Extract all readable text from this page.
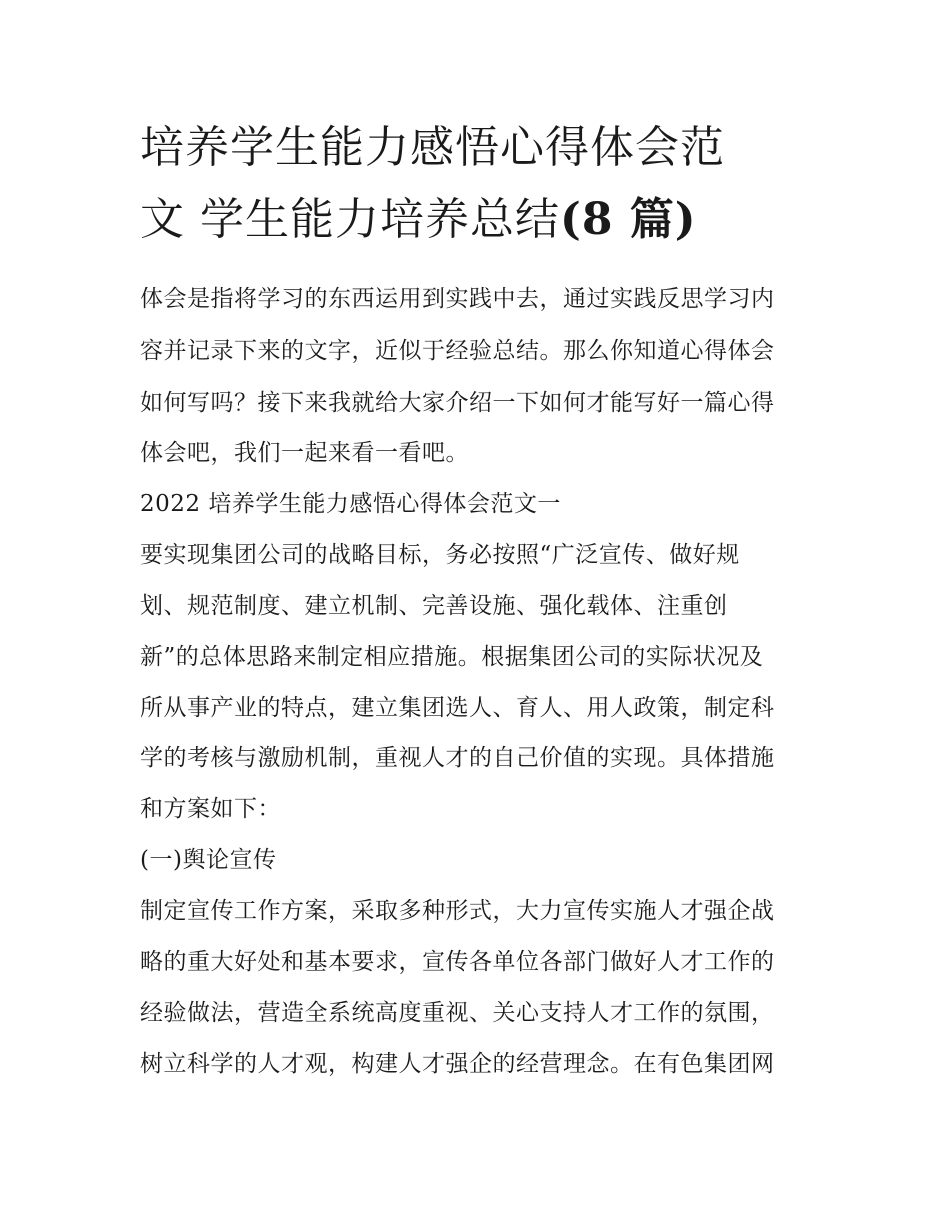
培养学生能力感悟心得体会范
文 学生能力培养总结(8 篇)

体会是指将学习的东西运用到实践中去，通过实践反思学习内

容并记录下来的文字，近似于经验总结。那么你知道心得体会

如何写吗？接下来我就给大家介绍一下如何才能写好一篇心得

体会吧，我们一起来看一看吧。

2022 培养学生能力感悟心得体会范文一

要实现集团公司的战略目标，务必按照“广泛宣传、做好规

划、规范制度、建立机制、完善设施、强化载体、注重创

新”的总体思路来制定相应措施。根据集团公司的实际状况及

所从事产业的特点，建立集团选人、育人、用人政策，制定科

学的考核与激励机制，重视人才的自己价值的实现。具体措施

和方案如下：

(一)舆论宣传

制定宣传工作方案，采取多种形式，大力宣传实施人才强企战

略的重大好处和基本要求，宣传各单位各部门做好人才工作的

经验做法，营造全系统高度重视、关心支持人才工作的氛围，

树立科学的人才观，构建人才强企的经营理念。在有色集团网
